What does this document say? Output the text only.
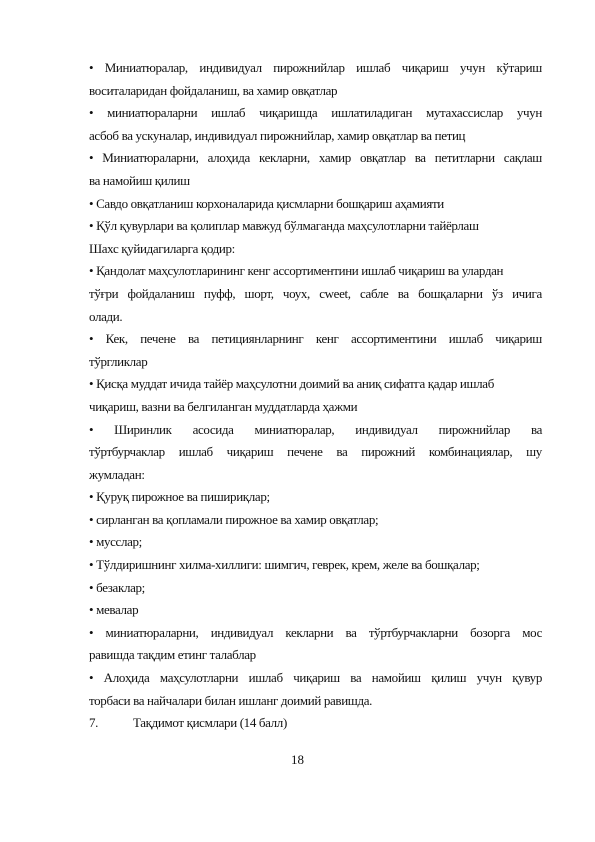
• Миниатюралар, индивидуал пирожнийлар ишлаб чиқариш учун кўтариш
воситаларидан фойдаланиш, ва хамир овқатлар
• миниатюраларни ишлаб чиқаришда ишлатиладиган мутахассислар учун
асбоб ва ускуналар, индивидуал пирожнийлар, хамир овқатлар ва петиц
• Миниатюраларни, алоҳида кекларни, хамир овқатлар ва петитларни сақлаш
ва намойиш қилиш
• Савдо овқатланиш корхоналарида қисмларни бошқариш аҳамияти
• Қўл қувурлари ва қолиплар мавжуд бўлмаганда маҳсулотларни тайёрлаш
Шахс қуйидагиларга қодир:
• Қандолат маҳсулотларининг кенг ассортиментини ишлаб чиқариш ва улардан
тўғри фойдаланиш пуфф, шорт, чоух, сweet, сабле ва бошқаларни ўз ичига
олади.
• Кек, печене ва петициянларнинг кенг ассортиментини ишлаб чиқариш
тўргликлар
• Қисқа муддат ичида тайёр маҳсулотни доимий ва аниқ сифатга қадар ишлаб
чиқариш, вазни ва белгиланган муддатларда ҳажми
• Ширинлик асосида миниатюралар, индивидуал пирожнийлар ва
тўртбурчаклар ишлаб чиқариш печене ва пирожний комбинациялар, шу
жумладан:
• Қуруқ пирожное ва пишириқлар;
• сирланган ва қопламали пирожное ва хамир овқатлар;
• мусслар;
• Тўлдиришнинг хилма-хиллиги: шимгич, геврек, крем, желе ва бошқалар;
• безаклар;
• мевалар
• миниатюраларни, индивидуал кекларни ва тўртбурчакларни бозорга мос
равишда тақдим етинг талаблар
• Алоҳида маҳсулотларни ишлаб чиқариш ва намойиш қилиш учун қувур
торбаси ва найчалари билан ишланг доимий равишда.
7.	Тақдимот қисмлари (14 балл)
18
